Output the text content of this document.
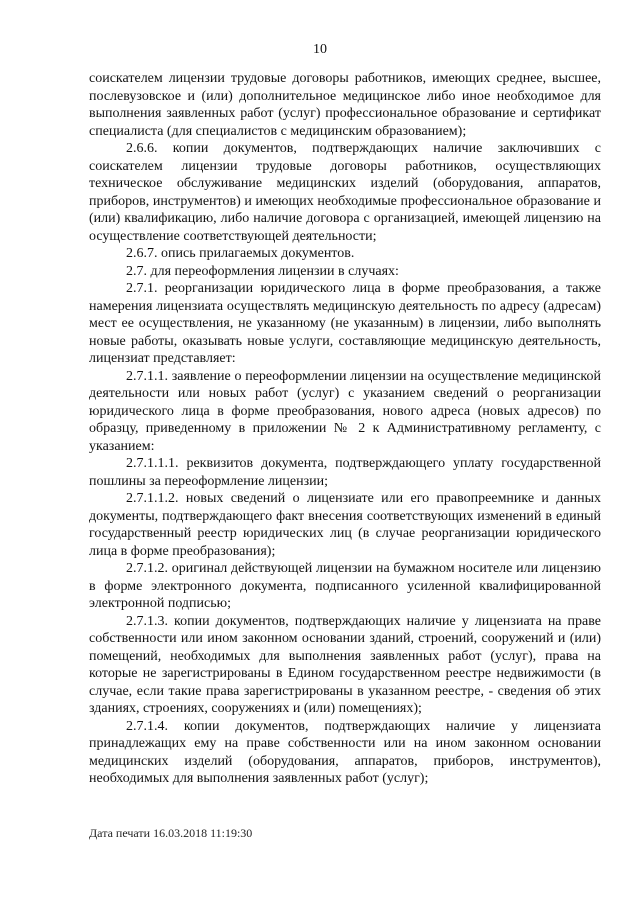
10

соискателем лицензии трудовые договоры работников, имеющих среднее, высшее, послевузовское и (или) дополнительное медицинское либо иное необходимое для выполнения заявленных работ (услуг) профессиональное образование и сертификат специалиста (для специалистов с медицинским образованием);

2.6.6. копии документов, подтверждающих наличие заключивших с соискателем лицензии трудовые договоры работников, осуществляющих техническое обслуживание медицинских изделий (оборудования, аппаратов, приборов, инструментов) и имеющих необходимые профессиональное образование и (или) квалификацию, либо наличие договора с организацией, имеющей лицензию на осуществление соответствующей деятельности;

2.6.7. опись прилагаемых документов.

2.7. для переоформления лицензии в случаях:

2.7.1. реорганизации юридического лица в форме преобразования, а также намерения лицензиата осуществлять медицинскую деятельность по адресу (адресам) мест ее осуществления, не указанному (не указанным) в лицензии, либо выполнять новые работы, оказывать новые услуги, составляющие медицинскую деятельность, лицензиат представляет:

2.7.1.1. заявление о переоформлении лицензии на осуществление медицинской деятельности или новых работ (услуг) с указанием сведений о реорганизации юридического лица в форме преобразования, нового адреса (новых адресов) по образцу, приведенному в приложении № 2 к Административному регламенту, с указанием:

2.7.1.1.1. реквизитов документа, подтверждающего уплату государственной пошлины за переоформление лицензии;

2.7.1.1.2. новых сведений о лицензиате или его правопреемнике и данных документы, подтверждающего факт внесения соответствующих изменений в единый государственный реестр юридических лиц (в случае реорганизации юридического лица в форме преобразования);

2.7.1.2. оригинал действующей лицензии на бумажном носителе или лицензию в форме электронного документа, подписанного усиленной квалифицированной электронной подписью;

2.7.1.3. копии документов, подтверждающих наличие у лицензиата на праве собственности или ином законном основании зданий, строений, сооружений и (или) помещений, необходимых для выполнения заявленных работ (услуг), права на которые не зарегистрированы в Едином государственном реестре недвижимости (в случае, если такие права зарегистрированы в указанном реестре, - сведения об этих зданиях, строениях, сооружениях и (или) помещениях);

2.7.1.4. копии документов, подтверждающих наличие у лицензиата принадлежащих ему на праве собственности или на ином законном основании медицинских изделий (оборудования, аппаратов, приборов, инструментов), необходимых для выполнения заявленных работ (услуг);

Дата печати 16.03.2018 11:19:30
